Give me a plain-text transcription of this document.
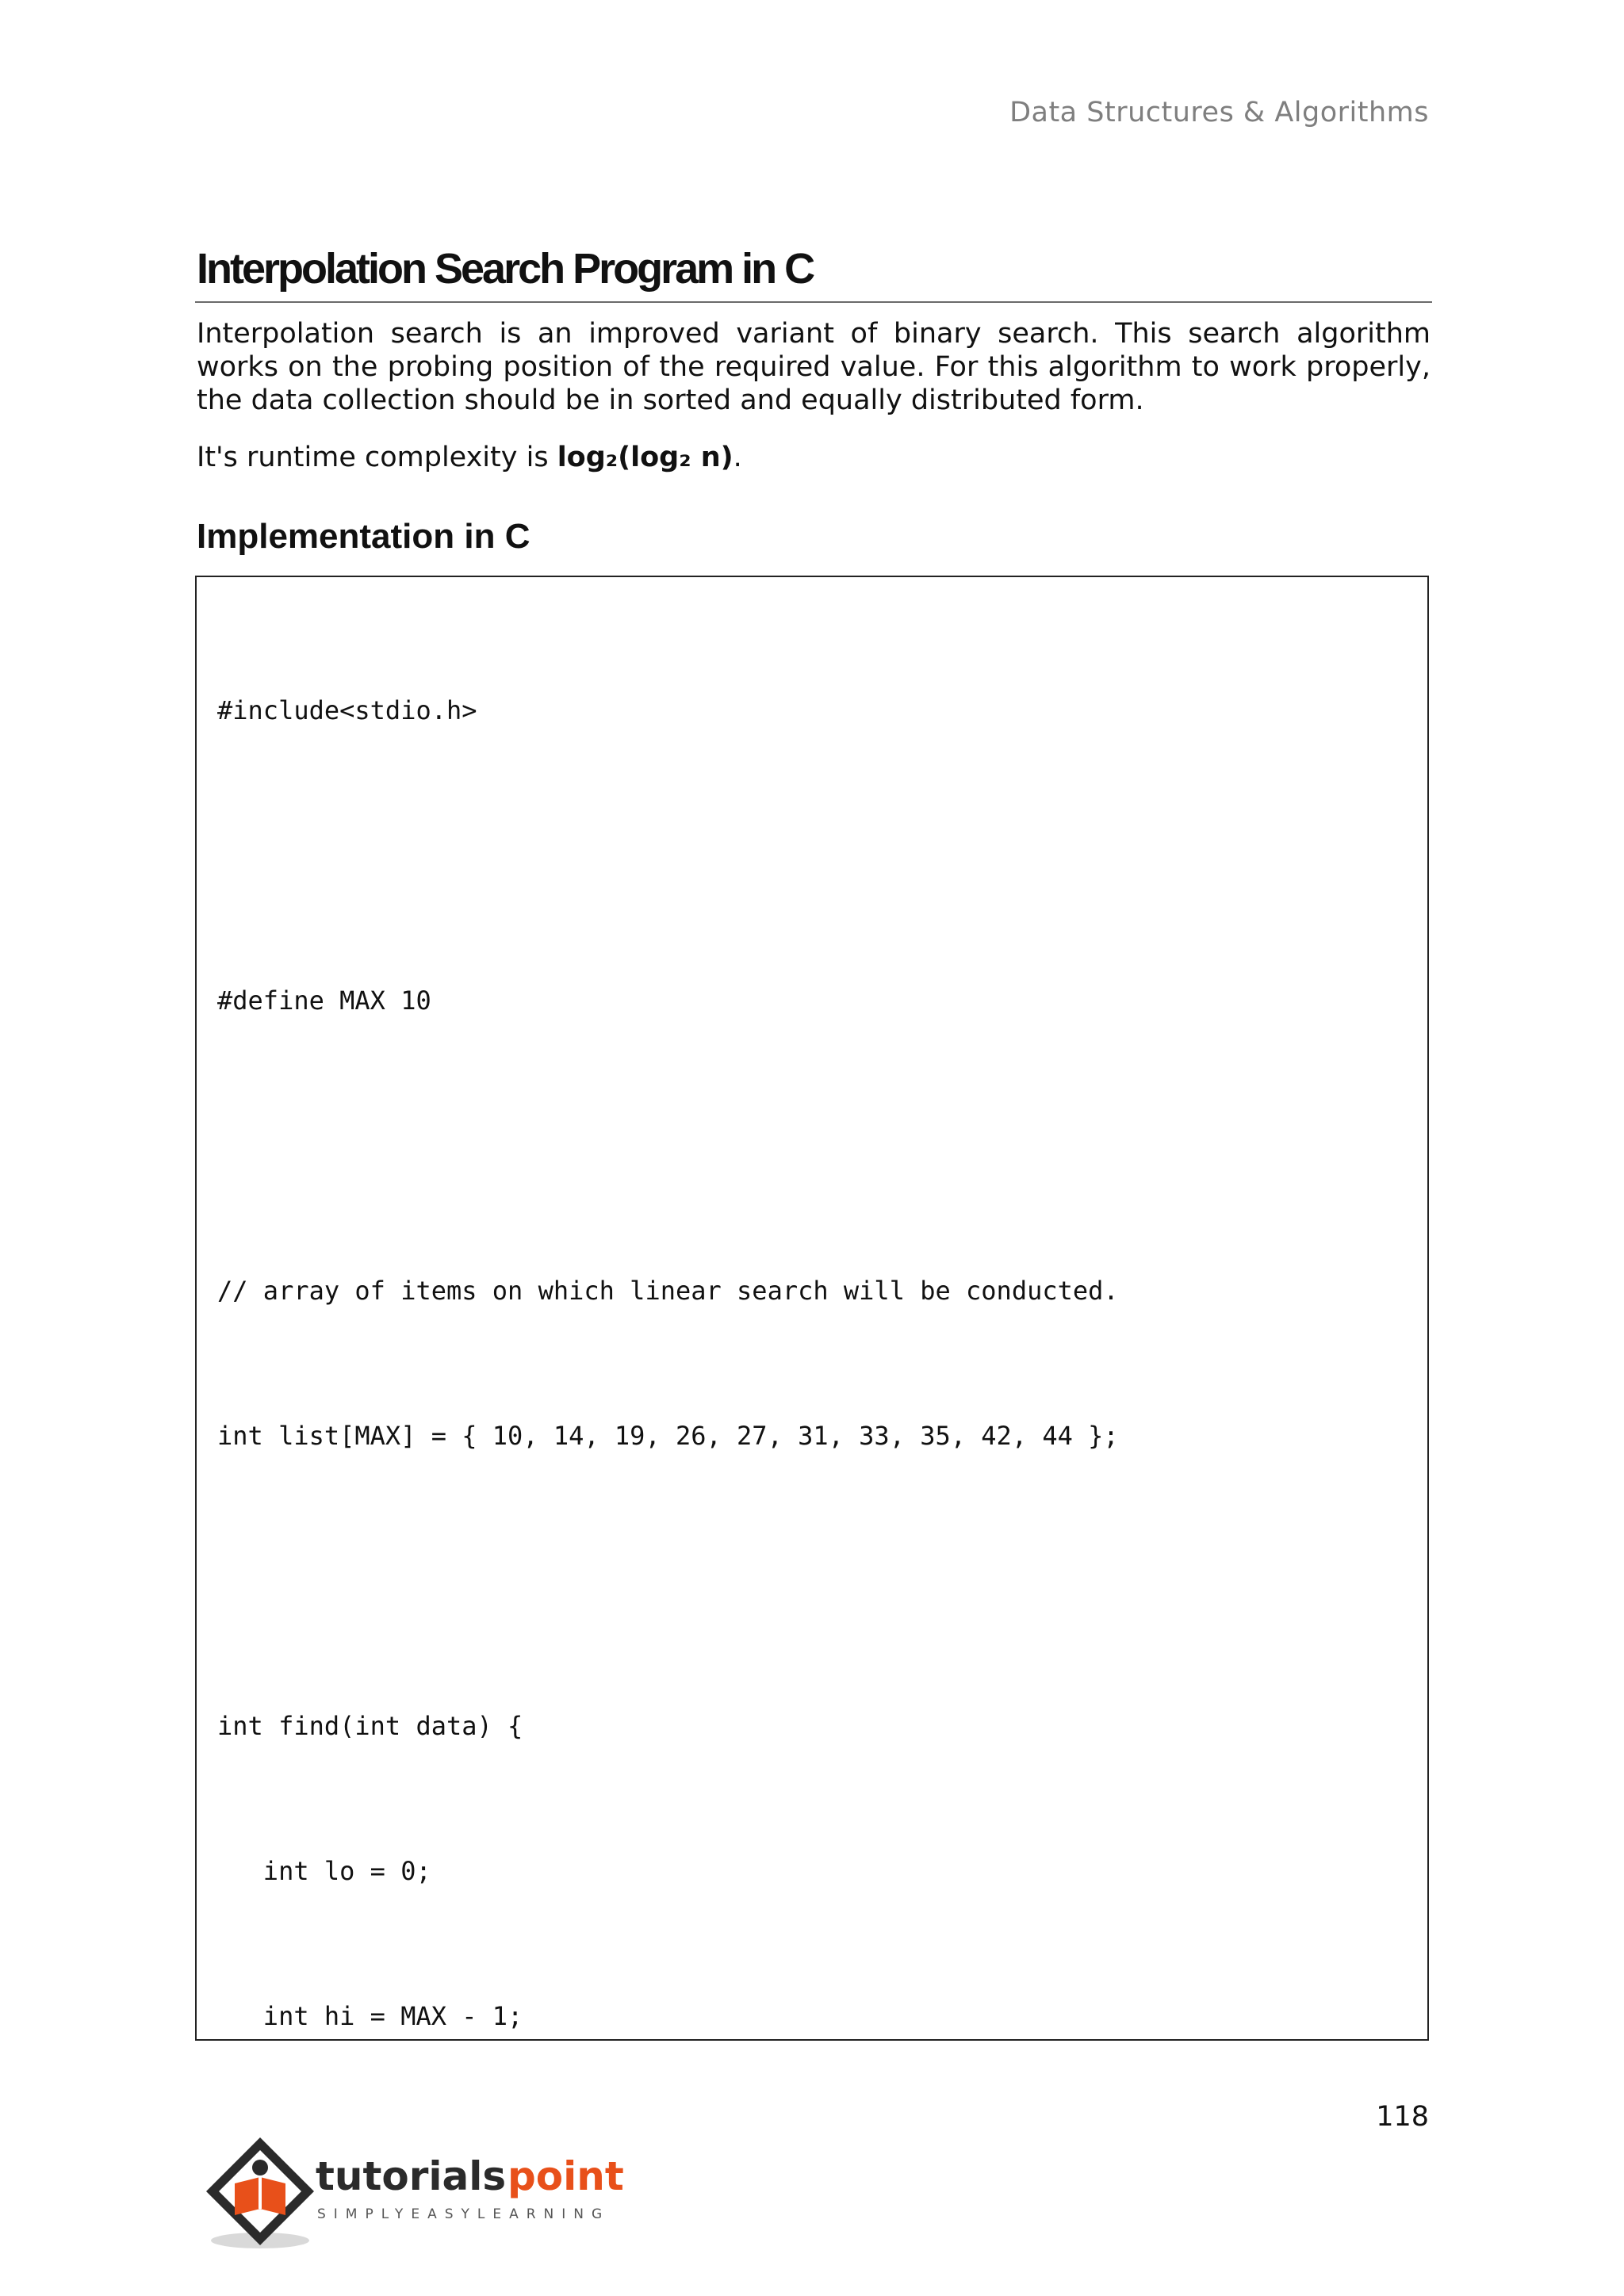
Data Structures & Algorithms
Interpolation Search Program in C

Interpolation search is an improved variant of binary search. This search algorithm works on the probing position of the required value. For this algorithm to work properly, the data collection should be in sorted and equally distributed form.

It's runtime complexity is log₂(log₂ n).

Implementation in C

#include<stdio.h>

#define MAX 10

// array of items on which linear search will be conducted.

int list[MAX] = { 10, 14, 19, 26, 27, 31, 33, 35, 42, 44 };

int find(int data) {

int lo = 0;

int hi = MAX - 1;

118
tutorials point
SIMPLYEASYLEARNING
